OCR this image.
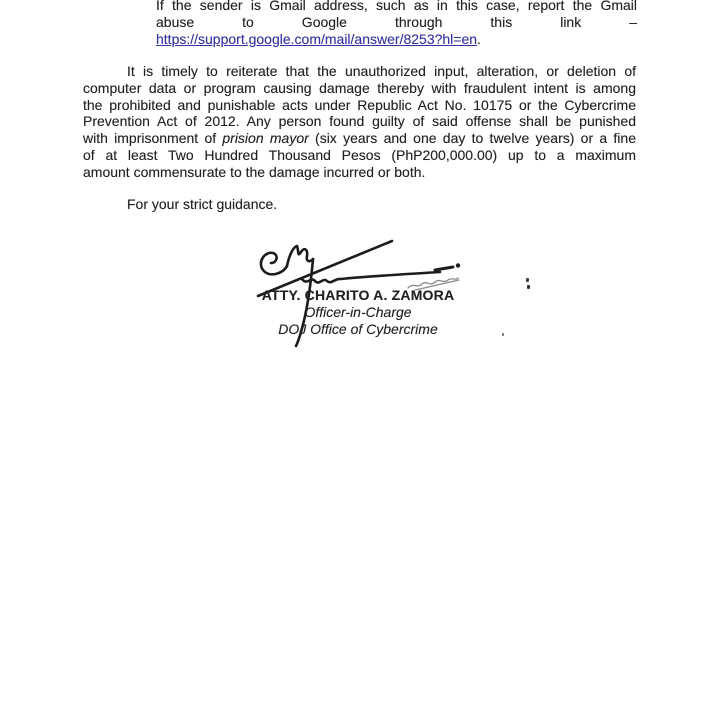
If the sender is Gmail address, such as in this case, report the Gmail
abuse to Google through this link –
https://support.google.com/mail/answer/8253?hl=en.
It is timely to reiterate that the unauthorized input, alteration, or deletion of
computer data or program causing damage thereby with fraudulent intent is among
the prohibited and punishable acts under Republic Act No. 10175 or the Cybercrime
Prevention Act of 2012. Any person found guilty of said offense shall be punished
with imprisonment of prision mayor (six years and one day to twelve years) or a fine
of at least Two Hundred Thousand Pesos (PhP200,000.00) up to a maximum
amount commensurate to the damage incurred or both.
For your strict guidance.
ATTY. CHARITO A. ZAMORA
Officer-in-Charge
DOJ Office of Cybercrime
